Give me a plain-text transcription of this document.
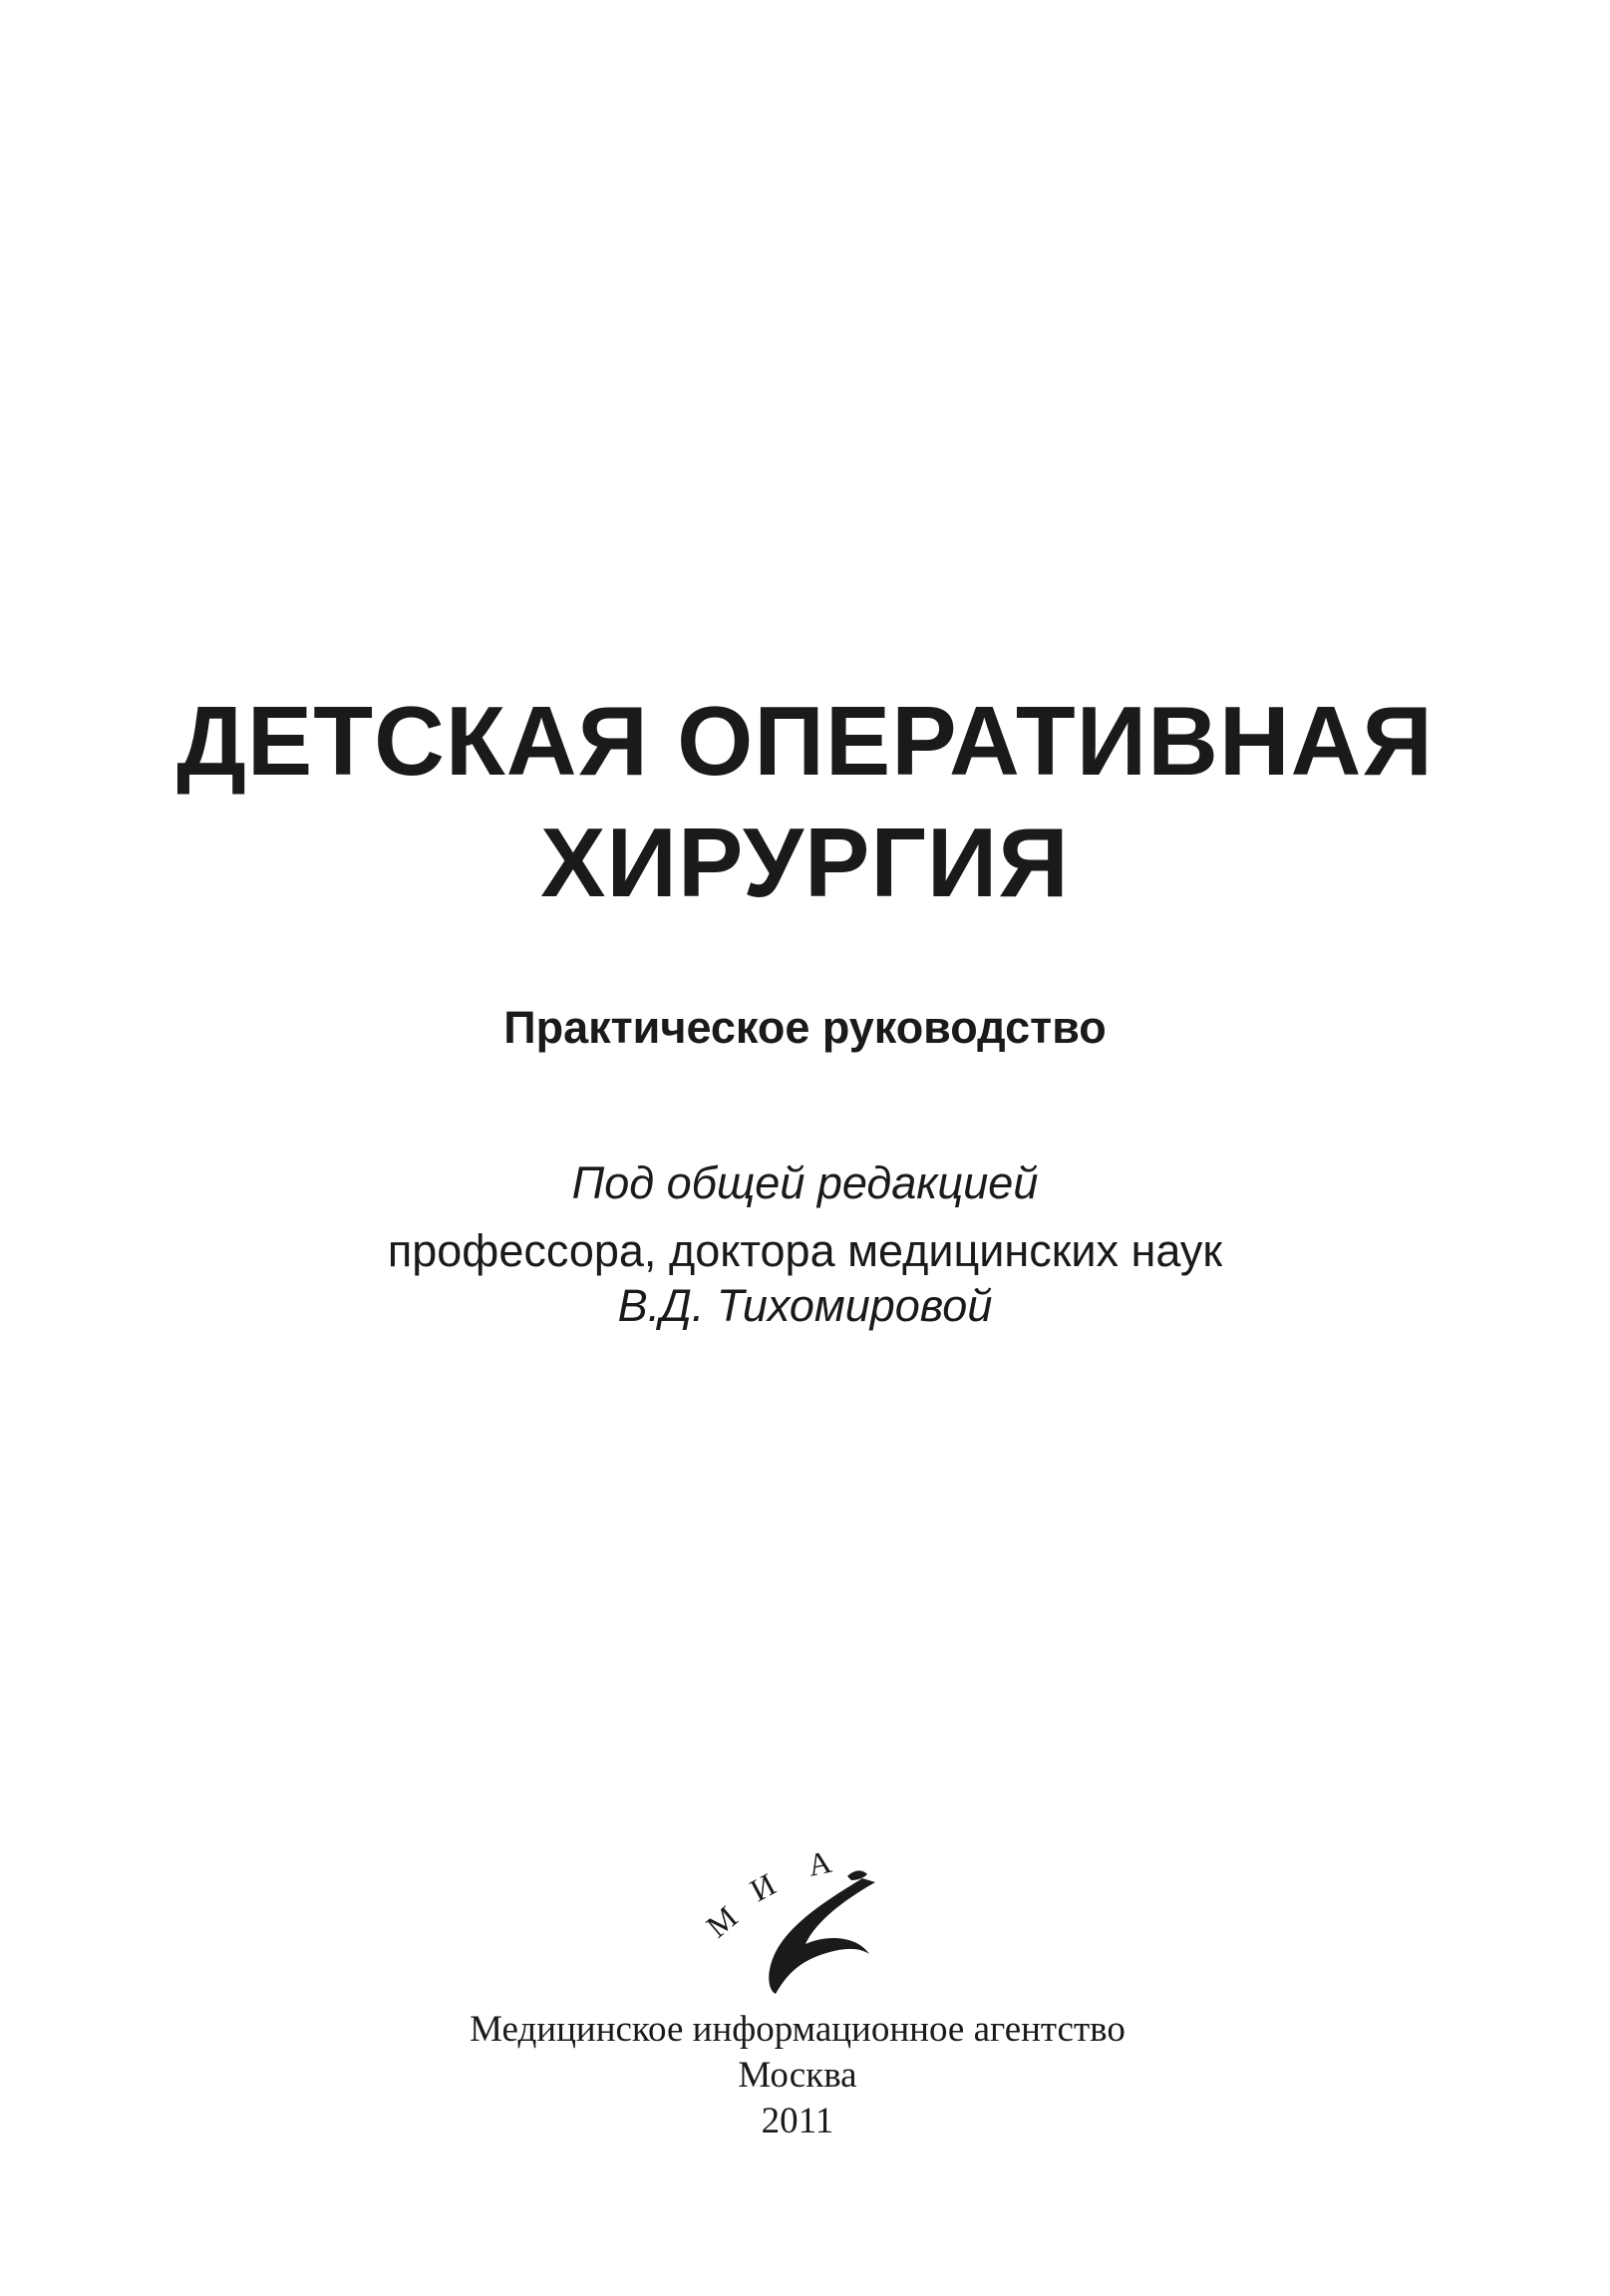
ДЕТСКАЯ ОПЕРАТИВНАЯ
ХИРУРГИЯ
Практическое руководство
Под общей редакцией
профессора, доктора медицинских наук
В.Д. Тихомировой
М
И
А
Медицинское информационное агентство
Москва
2011
